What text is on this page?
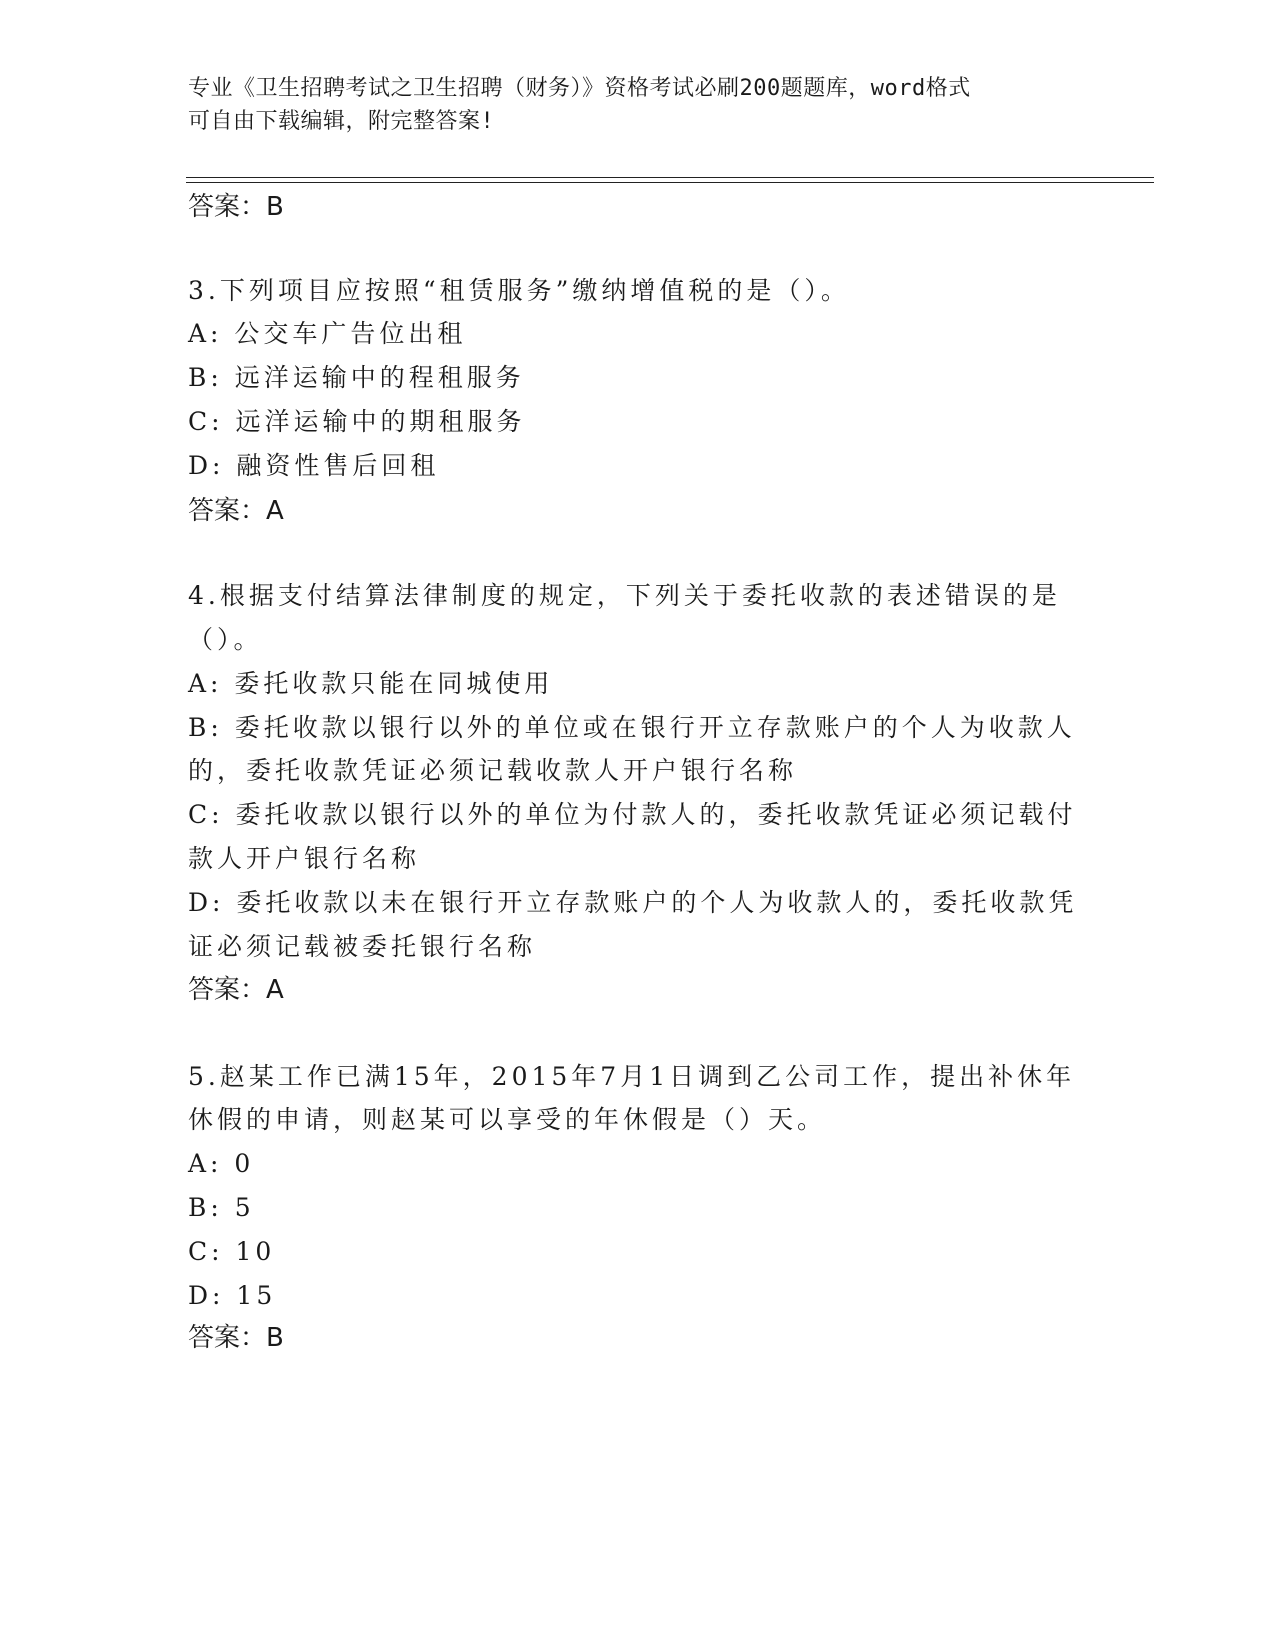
专业《卫生招聘考试之卫生招聘（财务）》资格考试必刷200题题库，word格式
可自由下载编辑，附完整答案!
答案：B
3.下列项目应按照“租赁服务”缴纳增值税的是（）。
A: 公交车广告位出租
B: 远洋运输中的程租服务
C: 远洋运输中的期租服务
D: 融资性售后回租
答案：A
4.根据支付结算法律制度的规定，下列关于委托收款的表述错误的是
（）。
A: 委托收款只能在同城使用
B: 委托收款以银行以外的单位或在银行开立存款账户的个人为收款人
的，委托收款凭证必须记载收款人开户银行名称
C: 委托收款以银行以外的单位为付款人的，委托收款凭证必须记载付
款人开户银行名称
D: 委托收款以未在银行开立存款账户的个人为收款人的，委托收款凭
证必须记载被委托银行名称
答案：A
5.赵某工作已满15年，2015年7月1日调到乙公司工作，提出补休年
休假的申请，则赵某可以享受的年休假是（）天。
A: 0
B: 5
C: 10
D: 15
答案：B
